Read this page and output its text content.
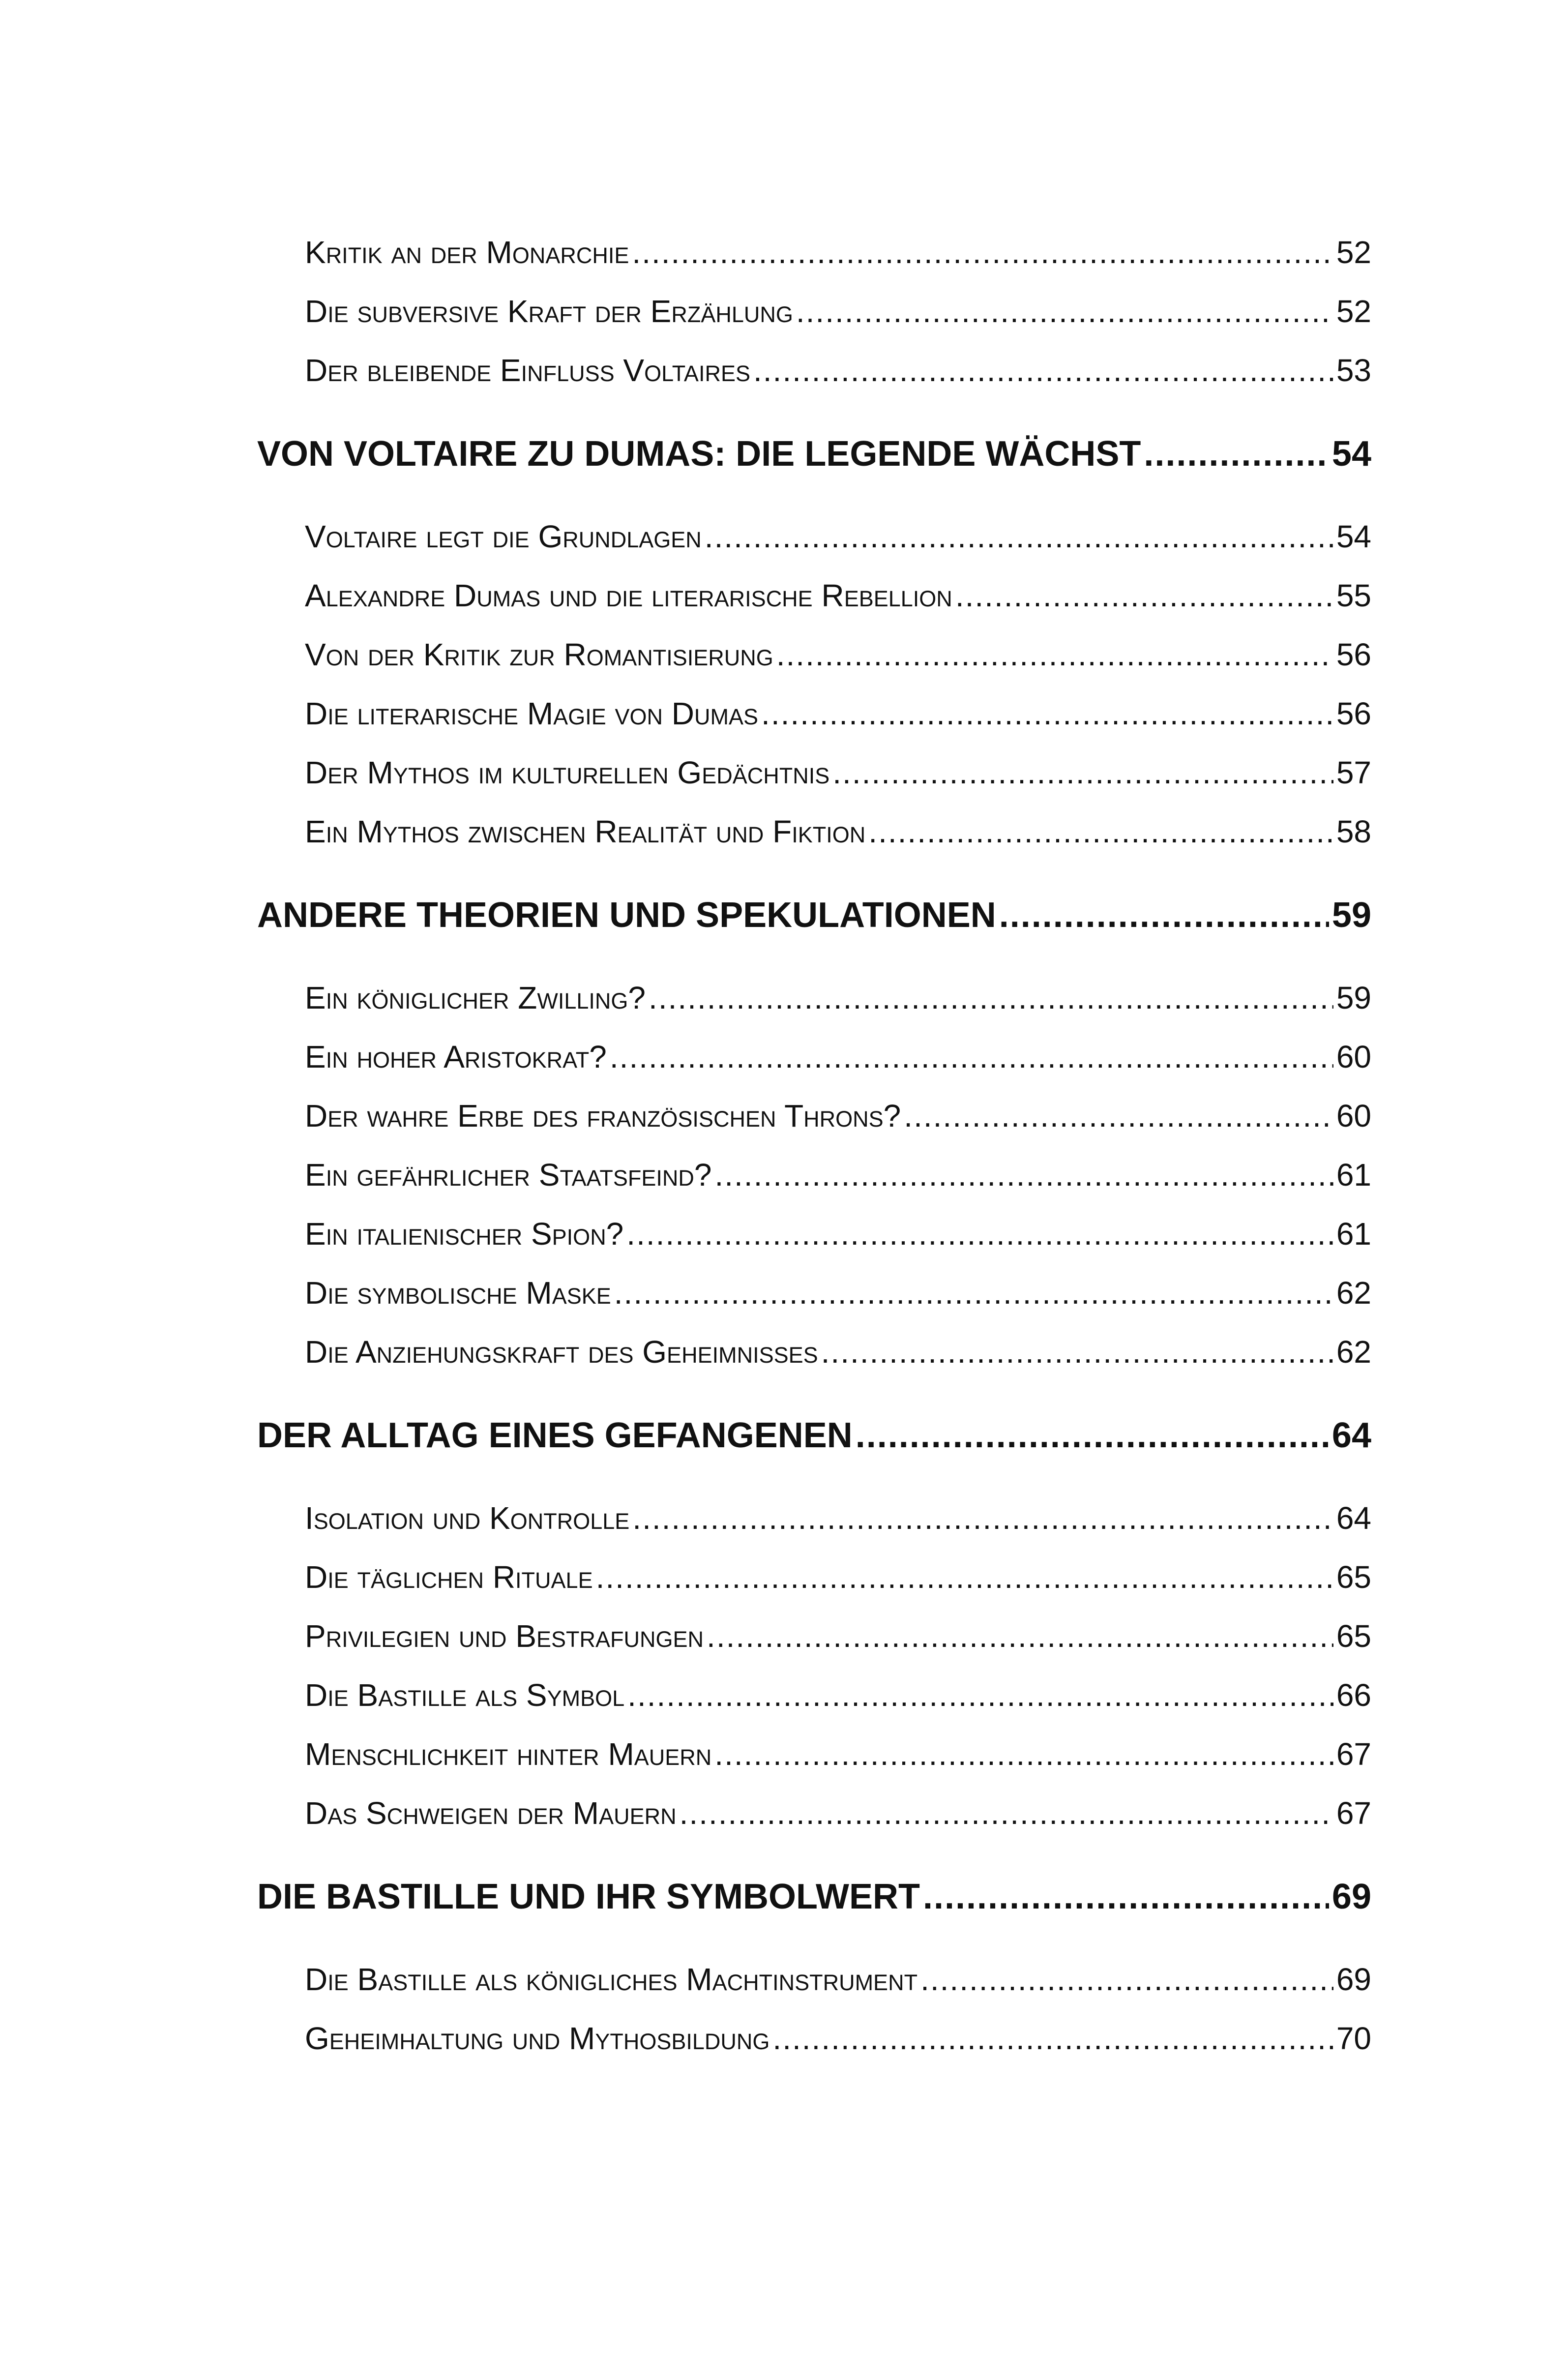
Kritik an der Monarchie .....	52
Die subversive Kraft der Erzählung .....	52
Der bleibende Einfluss Voltaires .....	53
VON VOLTAIRE ZU DUMAS: DIE LEGENDE WÄCHST .....	54
Voltaire legt die Grundlagen .....	54
Alexandre Dumas und die literarische Rebellion .....	55
Von der Kritik zur Romantisierung .....	56
Die literarische Magie von Dumas .....	56
Der Mythos im kulturellen Gedächtnis .....	57
Ein Mythos zwischen Realität und Fiktion .....	58
ANDERE THEORIEN UND SPEKULATIONEN .....	59
Ein königlicher Zwilling? .....	59
Ein hoher Aristokrat? .....	60
Der wahre Erbe des französischen Throns? .....	60
Ein gefährlicher Staatsfeind? .....	61
Ein italienischer Spion? .....	61
Die symbolische Maske .....	62
Die Anziehungskraft des Geheimnisses .....	62
DER ALLTAG EINES GEFANGENEN .....	64
Isolation und Kontrolle .....	64
Die täglichen Rituale .....	65
Privilegien und Bestrafungen .....	65
Die Bastille als Symbol .....	66
Menschlichkeit hinter Mauern .....	67
Das Schweigen der Mauern .....	67
DIE BASTILLE UND IHR SYMBOLWERT .....	69
Die Bastille als königliches Machtinstrument .....	69
Geheimhaltung und Mythosbildung .....	70
